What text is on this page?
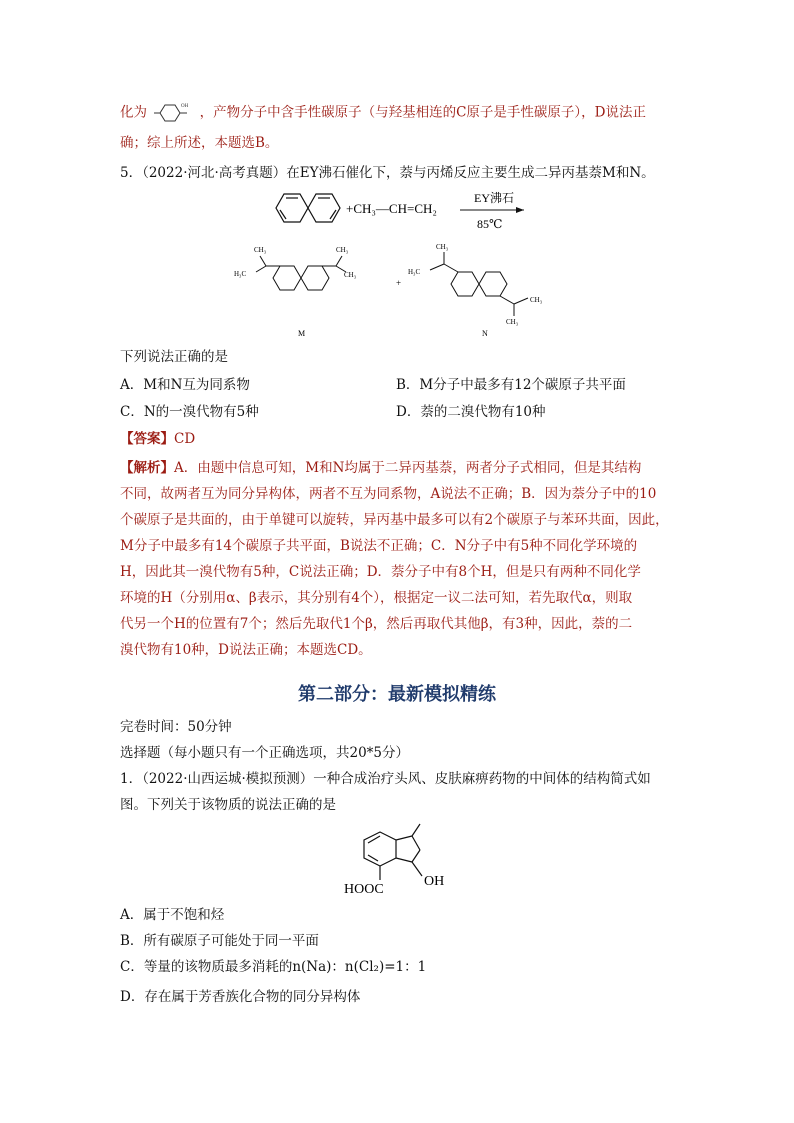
化为	OH ，产物分子中含手性碳原子（与羟基相连的C原子是手性碳原子），D说法正
确；综上所述，本题选B。
5．（2022·河北·高考真题）在EY沸石催化下，萘与丙烯反应主要生成二异丙基萘M和N。
+CH₃—CH=CH₂
EY沸石
85℃
CH₃
H₃C
CH₃
CH₃
+
CH₃
H₃C
CH₃
CH₃
M	N
下列说法正确的是
A．M和N互为同系物	B．M分子中最多有12个碳原子共平面
C．N的一溴代物有5种	D．萘的二溴代物有10种
【答案】CD
【解析】A．由题中信息可知，M和N均属于二异丙基萘，两者分子式相同，但是其结构
不同，故两者互为同分异构体，两者不互为同系物，A说法不正确；B．因为萘分子中的10
个碳原子是共面的，由于单键可以旋转，异丙基中最多可以有2个碳原子与苯环共面，因此，
M分子中最多有14个碳原子共平面，B说法不正确；C．N分子中有5种不同化学环境的
H，因此其一溴代物有5种，C说法正确；D．萘分子中有8个H，但是只有两种不同化学
环境的H（分别用α、β表示，其分别有4个），根据定一议二法可知，若先取代α，则取
代另一个H的位置有7个；然后先取代1个β，然后再取代其他β，有3种，因此，萘的二
溴代物有10种，D说法正确；本题选CD。
第二部分：最新模拟精练
完卷时间：50分钟
选择题（每小题只有一个正确选项，共20*5分）
1．（2022·山西运城·模拟预测）一种合成治疗头风、皮肤麻痹药物的中间体的结构简式如
图。下列关于该物质的说法正确的是
HOOC
OH
A．属于不饱和烃
B．所有碳原子可能处于同一平面
C．等量的该物质最多消耗的n(Na)：n(Cl₂)=1：1
D．存在属于芳香族化合物的同分异构体
